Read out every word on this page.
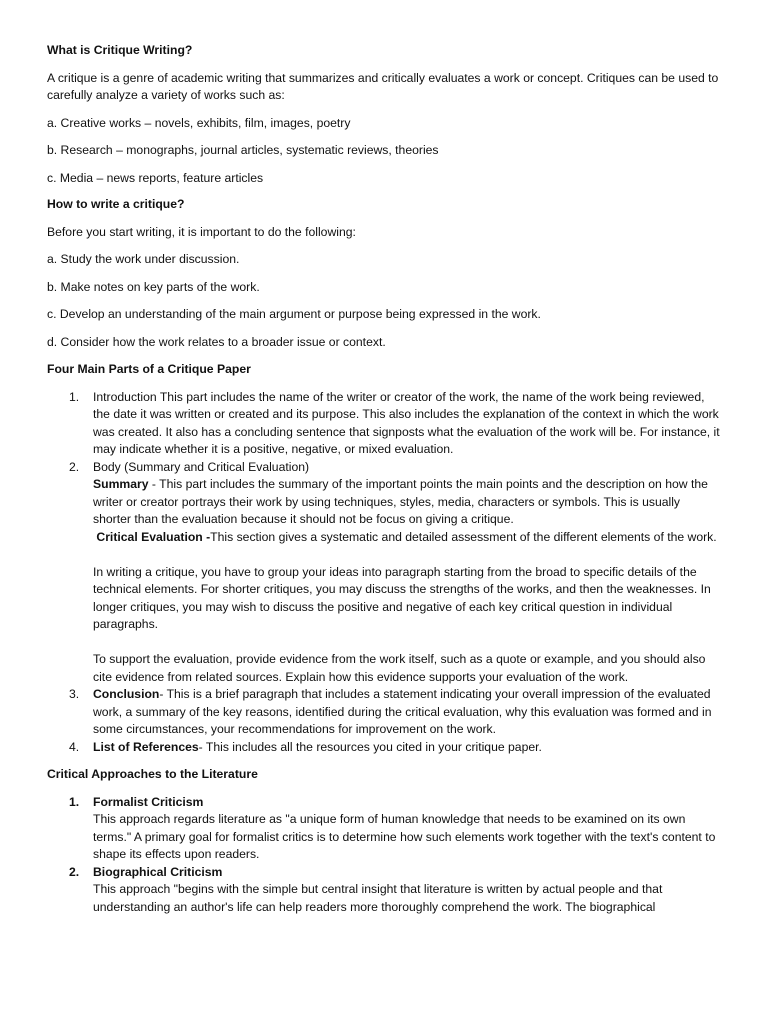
What is Critique Writing?

A critique is a genre of academic writing that summarizes and critically evaluates a work or concept. Critiques can be used to carefully analyze a variety of works such as:

a. Creative works – novels, exhibits, film, images, poetry

b. Research – monographs, journal articles, systematic reviews, theories

c. Media – news reports, feature articles

How to write a critique?

Before you start writing, it is important to do the following:

a. Study the work under discussion.

b. Make notes on key parts of the work.

c. Develop an understanding of the main argument or purpose being expressed in the work.

d. Consider how the work relates to a broader issue or context.

Four Main Parts of a Critique Paper

1. Introduction This part includes the name of the writer or creator of the work, the name of the work being reviewed, the date it was written or created and its purpose. This also includes the explanation of the context in which the work was created. It also has a concluding sentence that signposts what the evaluation of the work will be. For instance, it may indicate whether it is a positive, negative, or mixed evaluation.
2. Body (Summary and Critical Evaluation)
Summary - This part includes the summary of the important points the main points and the description on how the writer or creator portrays their work by using techniques, styles, media, characters or symbols. This is usually shorter than the evaluation because it should not be focus on giving a critique.
Critical Evaluation -This section gives a systematic and detailed assessment of the different elements of the work.
In writing a critique, you have to group your ideas into paragraph starting from the broad to specific details of the technical elements. For shorter critiques, you may discuss the strengths of the works, and then the weaknesses. In longer critiques, you may wish to discuss the positive and negative of each key critical question in individual paragraphs.
To support the evaluation, provide evidence from the work itself, such as a quote or example, and you should also cite evidence from related sources. Explain how this evidence supports your evaluation of the work.
3. Conclusion- This is a brief paragraph that includes a statement indicating your overall impression of the evaluated work, a summary of the key reasons, identified during the critical evaluation, why this evaluation was formed and in some circumstances, your recommendations for improvement on the work.
4. List of References- This includes all the resources you cited in your critique paper.

Critical Approaches to the Literature

1. Formalist Criticism
This approach regards literature as "a unique form of human knowledge that needs to be examined on its own terms." A primary goal for formalist critics is to determine how such elements work together with the text's content to shape its effects upon readers.
2. Biographical Criticism
This approach "begins with the simple but central insight that literature is written by actual people and that understanding an author's life can help readers more thoroughly comprehend the work. The biographical
